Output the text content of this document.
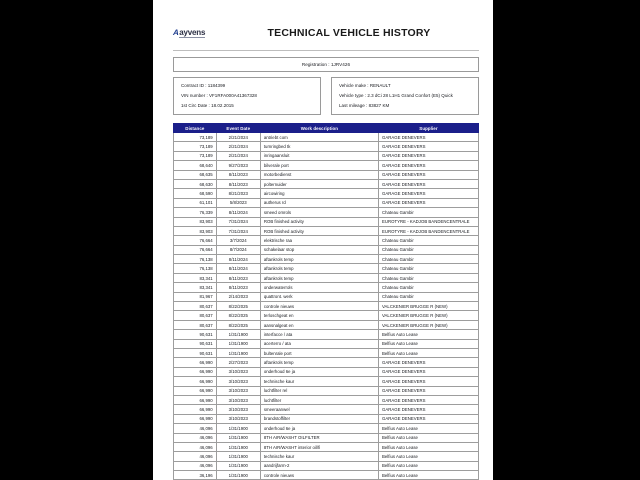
A ayvens	TECHNICAL VEHICLE HISTORY
Registration : 1JRV426
Contract ID : 1184399
VIN number : VF1RFA000A41367328
1st Circ Date : 18.02.2015
Vehicle make : RENAULT
Vehicle type : 2.3 dCi 28 L1H1 Grand Confort (E5) Quick
Last mileage : 83827 KM
Distance	Event Date	Work description	Supplier
73,189	2/21/2024	antriebt com	GARAGE DENEVERS
73,189	2/21/2024	turnringbed tk	GARAGE DENEVERS
73,189	2/21/2024	inringaansluit	GARAGE DENEVERS
68,640	9/27/2023	bilverale port	GARAGE DENEVERS
68,635	8/11/2023	motorbedienst	GARAGE DENEVERS
68,630	8/11/2023	polternuider	GARAGE DENEVERS
68,590	8/21/2023	aircowiring	GARAGE DENEVERS
61,101	5/8/2023	autherus rd	GARAGE DENEVERS
76,339	8/11/2024	smeed omrols	Chateau Gambir
83,903	7/31/2024	ROB finished activity	EUROTYRE - KADJOB BANDENCENTRALE
83,903	7/31/2024	ROB finished activity	EUROTYRE - KADJOB BANDENCENTRALE
76,664	3/7/2024	elektrische raa	Chateau Gambir
76,664	8/7/2024	schakelaar stop	Chateau Gambir
76,138	8/11/2024	aftankrols temp	Chateau Gambir
76,138	8/11/2024	aftankrols temp	Chateau Gambir
83,341	8/11/2023	aftankrols temp	Chateau Gambir
83,341	8/11/2023	onderwaterrols	Chateau Gambir
81,967	2/14/2023	quattront. werk	Chateau Gambir
80,637	8/22/2025	controle nieuws	VALCKENIER BRUGGE R (NEW)
80,637	8/22/2025	terloschgeat en	VALCKENIER BRUGGE R (NEW)
80,637	8/22/2025	aansnalgeat en	VALCKENIER BRUGGE R (NEW)
90,631	1/31/1900	interfacce / ata	Belfius Auto Lease
90,631	1/31/1900	acerterro / ata	Belfius Auto Lease
90,631	1/31/1900	bultenrale port	Belfius Auto Lease
66,990	2/27/2023	aftankrols temp	GARAGE DENEVERS
66,990	3/10/2023	onderhoud 6e ja	GARAGE DENEVERS
66,990	3/10/2023	technische kaur	GARAGE DENEVERS
66,990	3/10/2023	luchtfilter rel	GARAGE DENEVERS
66,990	3/10/2023	luchtfilter	GARAGE DENEVERS
66,990	3/10/2023	smeeraanwel	GARAGE DENEVERS
66,990	3/10/2023	brandstoffilter	GARAGE DENEVERS
46,096	1/31/1900	onderhoud 6e ja	Belfius Auto Lease
46,096	1/31/1900	8TH AIR/WASHT OILFILTER	Belfius Auto Lease
46,096	1/31/1900	8TH AIR/WASHT interior oil/fi	Belfius Auto Lease
46,096	1/31/1900	technische kaur	Belfius Auto Lease
46,096	1/31/1900	aandrijfarm-2	Belfius Auto Lease
36,196	1/31/1900	controle nieuws	Belfius Auto Lease
